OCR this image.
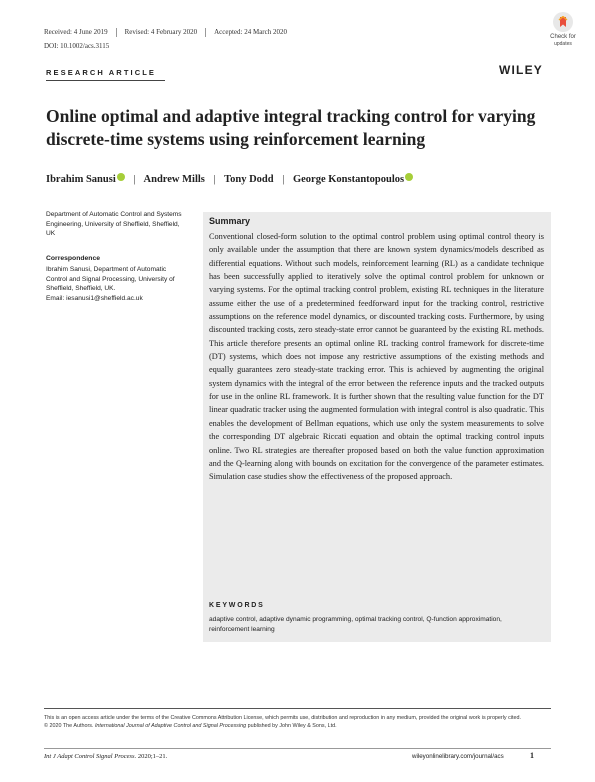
Received: 4 June 2019 Revised: 4 February 2020 Accepted: 24 March 2020
DOI: 10.1002/acs.3115
Check for
updates
RESEARCH ARTICLE	WILEY
Online optimal and adaptive integral tracking control for varying discrete-time systems using reinforcement learning
Ibrahim Sanusi | Andrew Mills | Tony Dodd | George Konstantopoulos
Department of Automatic Control and Systems Engineering, University of Sheffield, Sheffield, UK
Correspondence
Ibrahim Sanusi, Department of Automatic Control and Signal Processing, University of Sheffield, Sheffield, UK.
Email: iesanusi1@sheffield.ac.uk
Summary

Conventional closed-form solution to the optimal control problem using optimal control theory is only available under the assumption that there are known system dynamics/models described as differential equations. Without such models, reinforcement learning (RL) as a candidate technique has been successfully applied to iteratively solve the optimal control problem for unknown or varying systems. For the optimal tracking control problem, existing RL techniques in the literature assume either the use of a predetermined feedforward input for the tracking control, restrictive assumptions on the reference model dynamics, or discounted tracking costs. Furthermore, by using discounted tracking costs, zero steady-state error cannot be guaranteed by the existing RL methods. This article therefore presents an optimal online RL tracking control framework for discrete-time (DT) systems, which does not impose any restrictive assumptions of the existing methods and equally guarantees zero steady-state tracking error. This is achieved by augmenting the original system dynamics with the integral of the error between the reference inputs and the tracked outputs for use in the online RL framework. It is further shown that the resulting value function for the DT linear quadratic tracker using the augmented formulation with integral control is also quadratic. This enables the development of Bellman equations, which use only the system measurements to solve the corresponding DT algebraic Riccati equation and obtain the optimal tracking control inputs online. Two RL strategies are thereafter proposed based on both the value function approximation and the Q-learning along with bounds on excitation for the convergence of the parameter estimates. Simulation case studies show the effectiveness of the proposed approach.

KEYWORDS
adaptive control, adaptive dynamic programming, optimal tracking control, Q-function approximation, reinforcement learning
This is an open access article under the terms of the Creative Commons Attribution License, which permits use, distribution and reproduction in any medium, provided the original work is properly cited.
© 2020 The Authors. International Journal of Adaptive Control and Signal Processing published by John Wiley & Sons, Ltd.
Int J Adapt Control Signal Process. 2020;1–21.	wileyonlinelibrary.com/journal/acs	1
